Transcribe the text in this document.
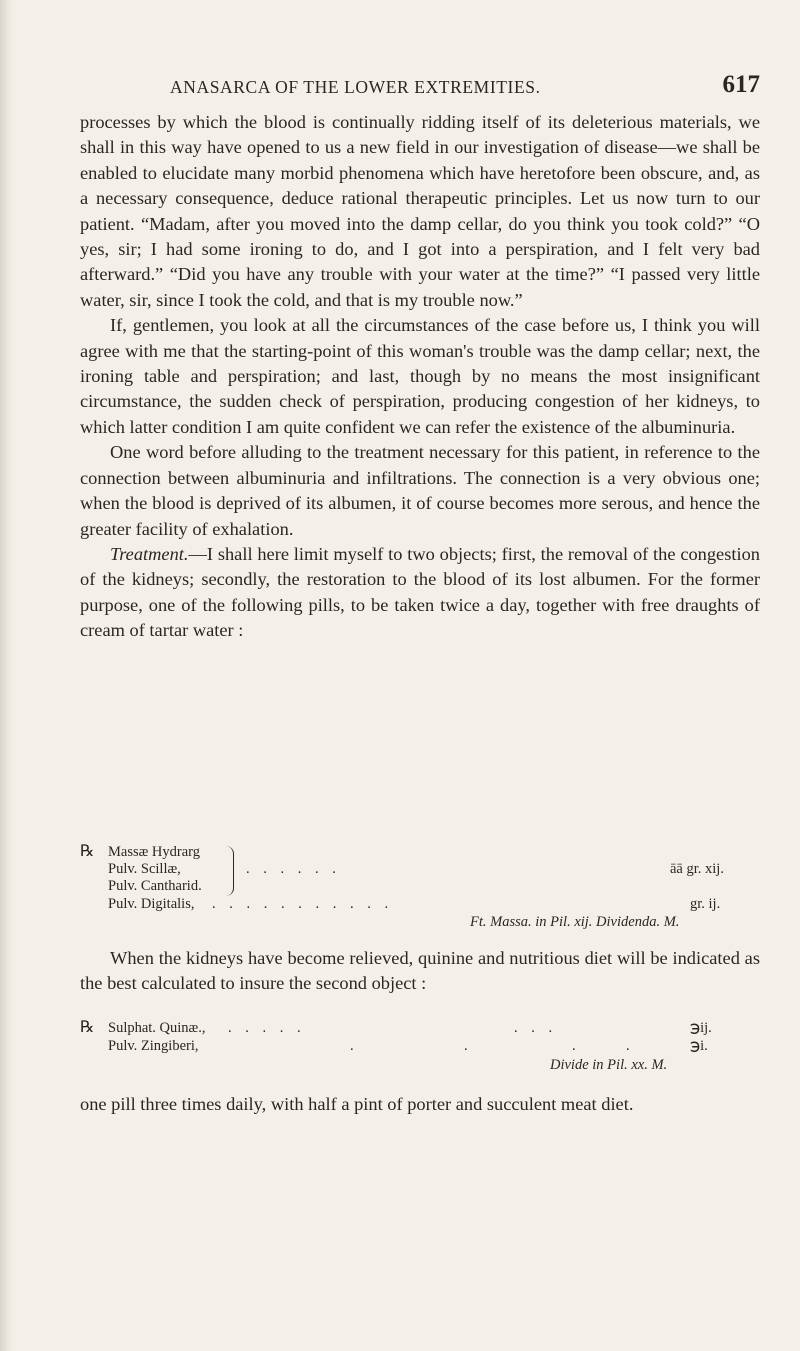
ANASARCA OF THE LOWER EXTREMITIES.	617

processes by which the blood is continually ridding itself of its deleterious materials, we shall in this way have opened to us a new field in our investigation of disease—we shall be enabled to elucidate many morbid phenomena which have heretofore been obscure, and, as a necessary consequence, deduce rational therapeutic principles. Let us now turn to our patient. “Madam, after you moved into the damp cellar, do you think you took cold?” “O yes, sir; I had some ironing to do, and I got into a perspiration, and I felt very bad afterward.” “Did you have any trouble with your water at the time?” “I passed very little water, sir, since I took the cold, and that is my trouble now.”

If, gentlemen, you look at all the circumstances of the case before us, I think you will agree with me that the starting-point of this woman's trouble was the damp cellar; next, the ironing table and perspiration; and last, though by no means the most insignificant circumstance, the sudden check of perspiration, producing congestion of her kidneys, to which latter condition I am quite confident we can refer the existence of the albuminuria.

One word before alluding to the treatment necessary for this patient, in reference to the connection between albuminuria and infiltrations. The connection is a very obvious one; when the blood is deprived of its albumen, it of course becomes more serous, and hence the greater facility of exhalation.

Treatment.—I shall here limit myself to two objects; first, the removal of the congestion of the kidneys; secondly, the restoration to the blood of its lost albumen. For the former purpose, one of the following pills, to be taken twice a day, together with free draughts of cream of tartar water :

℞ Massæ Hydrarg
Pulv. Scillæ,
Pulv. Cantharid.
. . . . . .	āā gr. xij.
Pulv. Digitalis, . . . . . . . . . . .	gr. ij.
Ft. Massa. in Pil. xij. Dividenda. M.

When the kidneys have become relieved, quinine and nutritious diet will be indicated as the best calculated to insure the second object :

℞ Sulphat. Quinæ., . . . . .	. . .	℈ij.
Pulv. Zingiberi,	.	.	.	.	℈i.
Divide in Pil. xx. M.

one pill three times daily, with half a pint of porter and succulent meat diet.
